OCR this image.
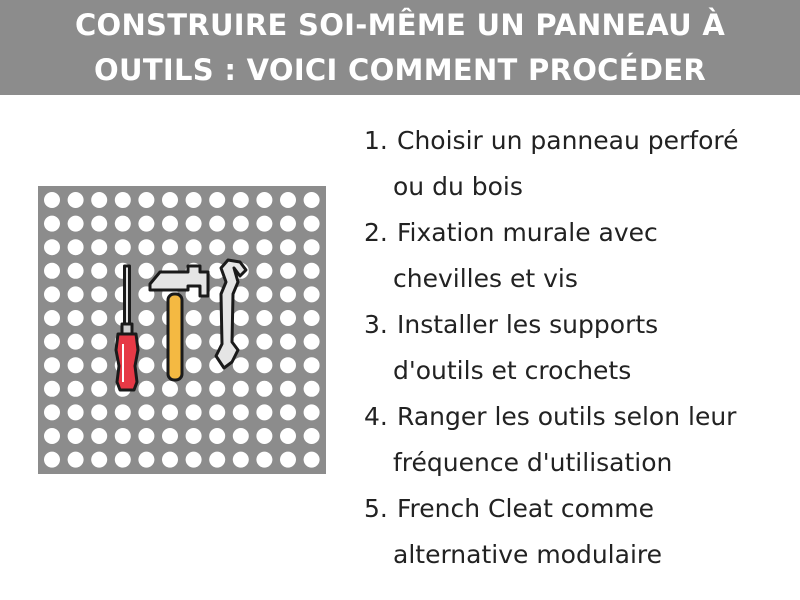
CONSTRUIRE SOI-MÊME UN PANNEAU À
OUTILS : VOICI COMMENT PROCÉDER
1. Choisir un panneau perforé
ou du bois
2. Fixation murale avec
chevilles et vis
3. Installer les supports
d'outils et crochets
4. Ranger les outils selon leur
fréquence d'utilisation
5. French Cleat comme
alternative modulaire
